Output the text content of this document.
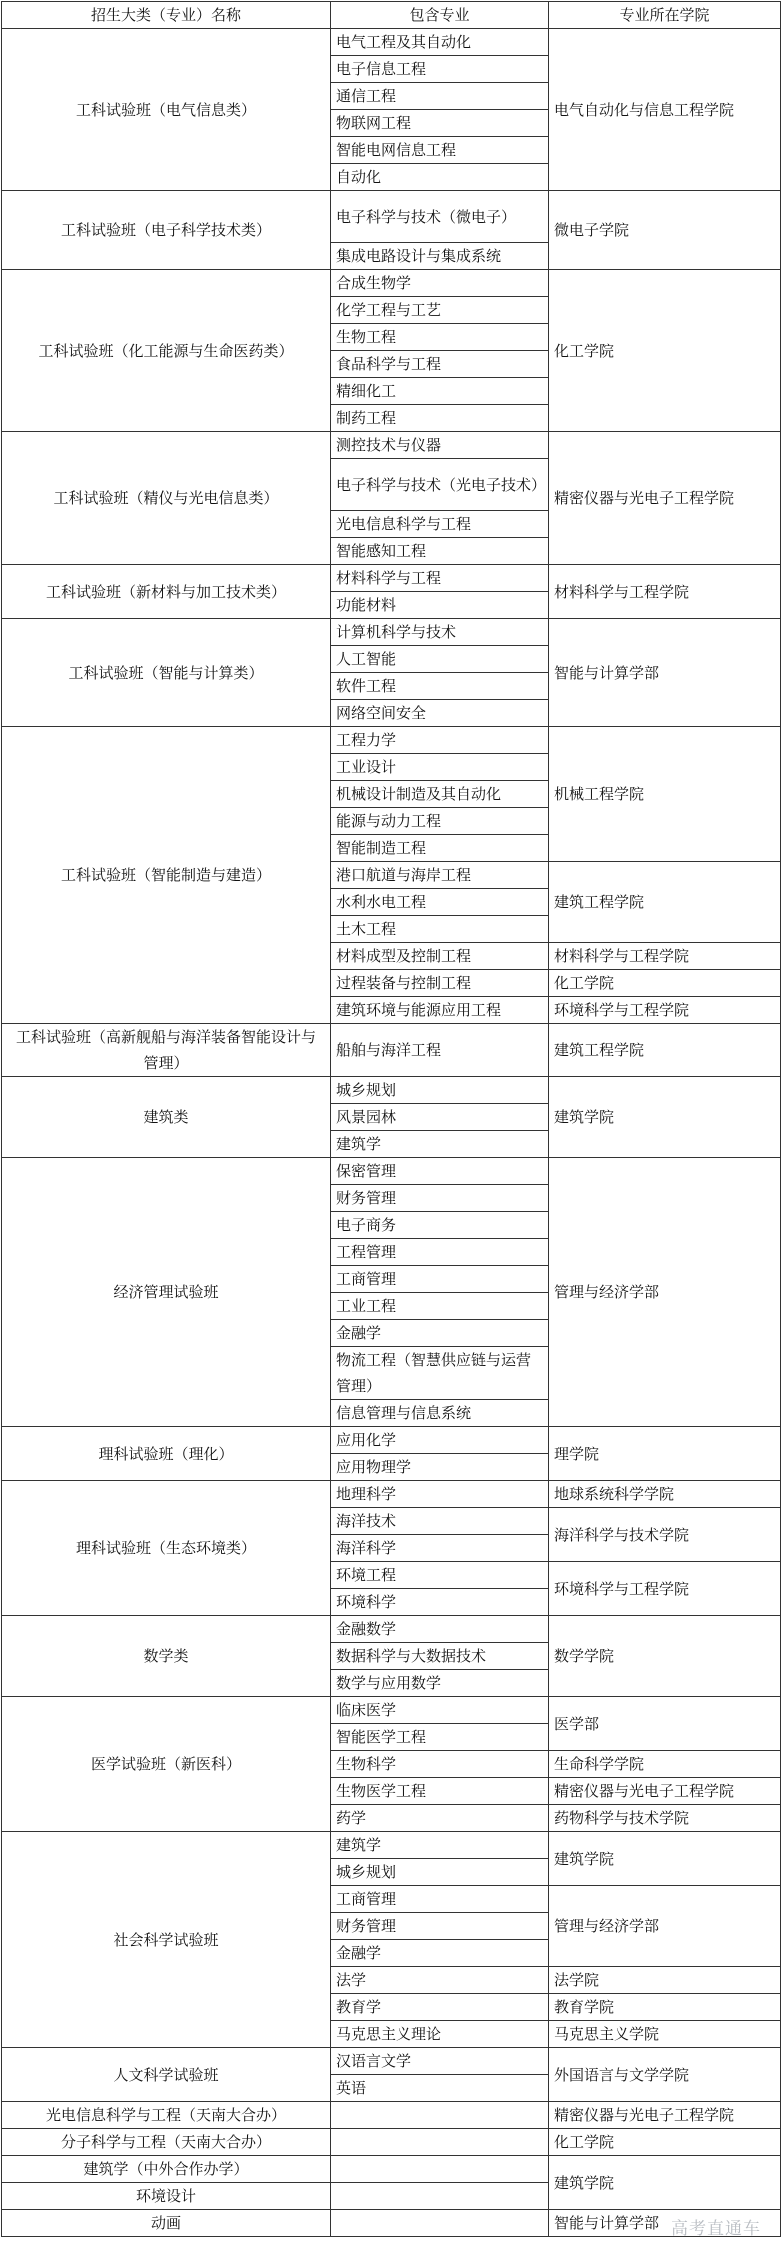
招生大类（专业）名称	包含专业	专业所在学院
工科试验班（电气信息类）	电气工程及其自动化	电气自动化与信息工程学院
	电子信息工程	
	通信工程	
	物联网工程	
	智能电网信息工程	
	自动化	
工科试验班（电子科学技术类）	电子科学与技术（微电子）	微电子学院
	集成电路设计与集成系统	
工科试验班（化工能源与生命医药类）	合成生物学	化工学院
	化学工程与工艺	
	生物工程	
	食品科学与工程	
	精细化工	
	制药工程	
工科试验班（精仪与光电信息类）	测控技术与仪器	精密仪器与光电子工程学院
	电子科学与技术（光电子技术）	
	光电信息科学与工程	
	智能感知工程	
工科试验班（新材料与加工技术类）	材料科学与工程	材料科学与工程学院
	功能材料	
工科试验班（智能与计算类）	计算机科学与技术	智能与计算学部
	人工智能	
	软件工程	
	网络空间安全	
工科试验班（智能制造与建造）	工程力学	机械工程学院
	工业设计	
	机械设计制造及其自动化	
	能源与动力工程	
	智能制造工程	
	港口航道与海岸工程	建筑工程学院
	水利水电工程	
	土木工程	
	材料成型及控制工程	材料科学与工程学院
	过程装备与控制工程	化工学院
	建筑环境与能源应用工程	环境科学与工程学院
工科试验班（高新舰船与海洋装备智能设计与管理）	船舶与海洋工程	建筑工程学院
建筑类	城乡规划	建筑学院
	风景园林	
	建筑学	
经济管理试验班	保密管理	管理与经济学部
	财务管理	
	电子商务	
	工程管理	
	工商管理	
	工业工程	
	金融学	
	物流工程（智慧供应链与运营管理）	
	信息管理与信息系统	
理科试验班（理化）	应用化学	理学院
	应用物理学	
理科试验班（生态环境类）	地理科学	地球系统科学学院
	海洋技术	海洋科学与技术学院
	海洋科学	
	环境工程	环境科学与工程学院
	环境科学	
数学类	金融数学	数学学院
	数据科学与大数据技术	
	数学与应用数学	
医学试验班（新医科）	临床医学	医学部
	智能医学工程	
	生物科学	生命科学学院
	生物医学工程	精密仪器与光电子工程学院
	药学	药物科学与技术学院
社会科学试验班	建筑学	建筑学院
	城乡规划	
	工商管理	管理与经济学部
	财务管理	
	金融学	
	法学	法学院
	教育学	教育学院
	马克思主义理论	马克思主义学院
人文科学试验班	汉语言文学	外国语言与文学学院
	英语	
光电信息科学与工程（天南大合办）		精密仪器与光电子工程学院
分子科学与工程（天南大合办）		化工学院
建筑学（中外合作办学）		建筑学院
环境设计		
动画		智能与计算学部 高考直通车
